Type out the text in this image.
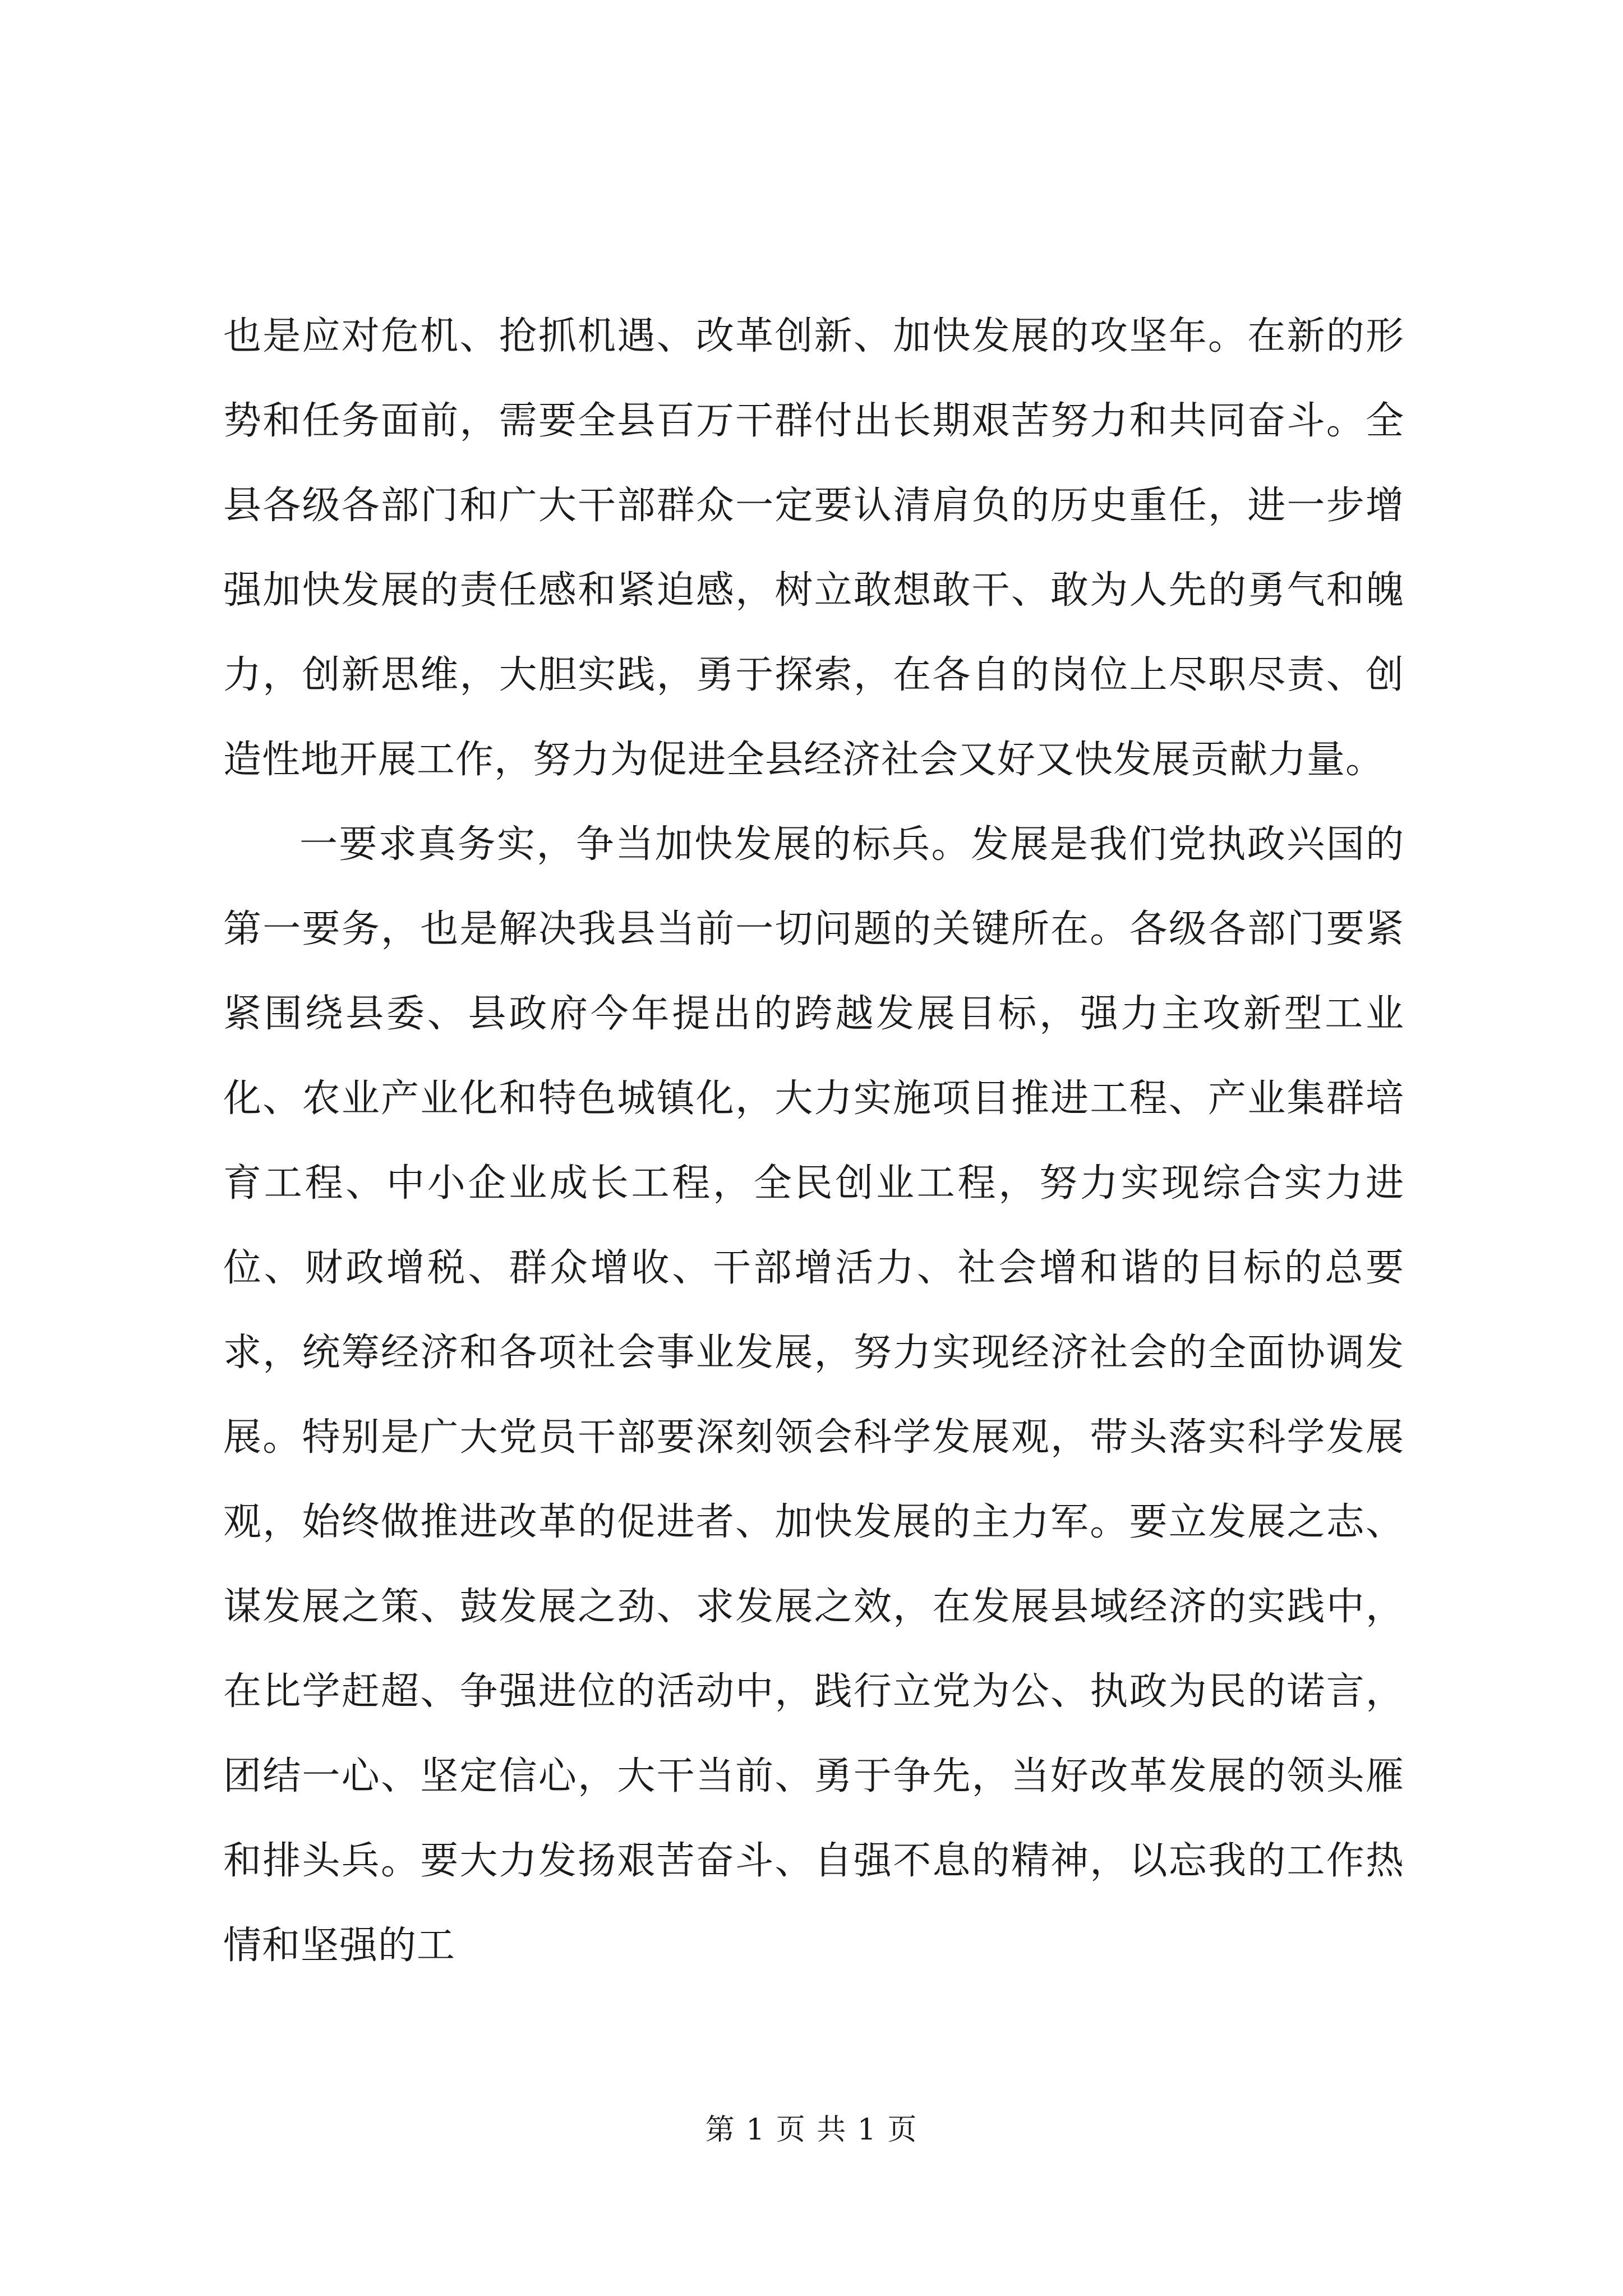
也是应对危机、抢抓机遇、改革创新、加快发展的攻坚年。在新的形势和任务面前，需要全县百万干群付出长期艰苦努力和共同奋斗。全县各级各部门和广大干部群众一定要认清肩负的历史重任，进一步增强加快发展的责任感和紧迫感，树立敢想敢干、敢为人先的勇气和魄力，创新思维，大胆实践，勇于探索，在各自的岗位上尽职尽责、创造性地开展工作，努力为促进全县经济社会又好又快发展贡献力量。

一要求真务实，争当加快发展的标兵。发展是我们党执政兴国的第一要务，也是解决我县当前一切问题的关键所在。各级各部门要紧紧围绕县委、县政府今年提出的跨越发展目标，强力主攻新型工业化、农业产业化和特色城镇化，大力实施项目推进工程、产业集群培育工程、中小企业成长工程，全民创业工程，努力实现综合实力进位、财政增税、群众增收、干部增活力、社会增和谐的目标的总要求，统筹经济和各项社会事业发展，努力实现经济社会的全面协调发展。特别是广大党员干部要深刻领会科学发展观，带头落实科学发展观，始终做推进改革的促进者、加快发展的主力军。要立发展之志、谋发展之策、鼓发展之劲、求发展之效，在发展县域经济的实践中，在比学赶超、争强进位的活动中，践行立党为公、执政为民的诺言，团结一心、坚定信心，大干当前、勇于争先，当好改革发展的领头雁和排头兵。要大力发扬艰苦奋斗、自强不息的精神，以忘我的工作热情和坚强的工

第 1 页 共 1 页
